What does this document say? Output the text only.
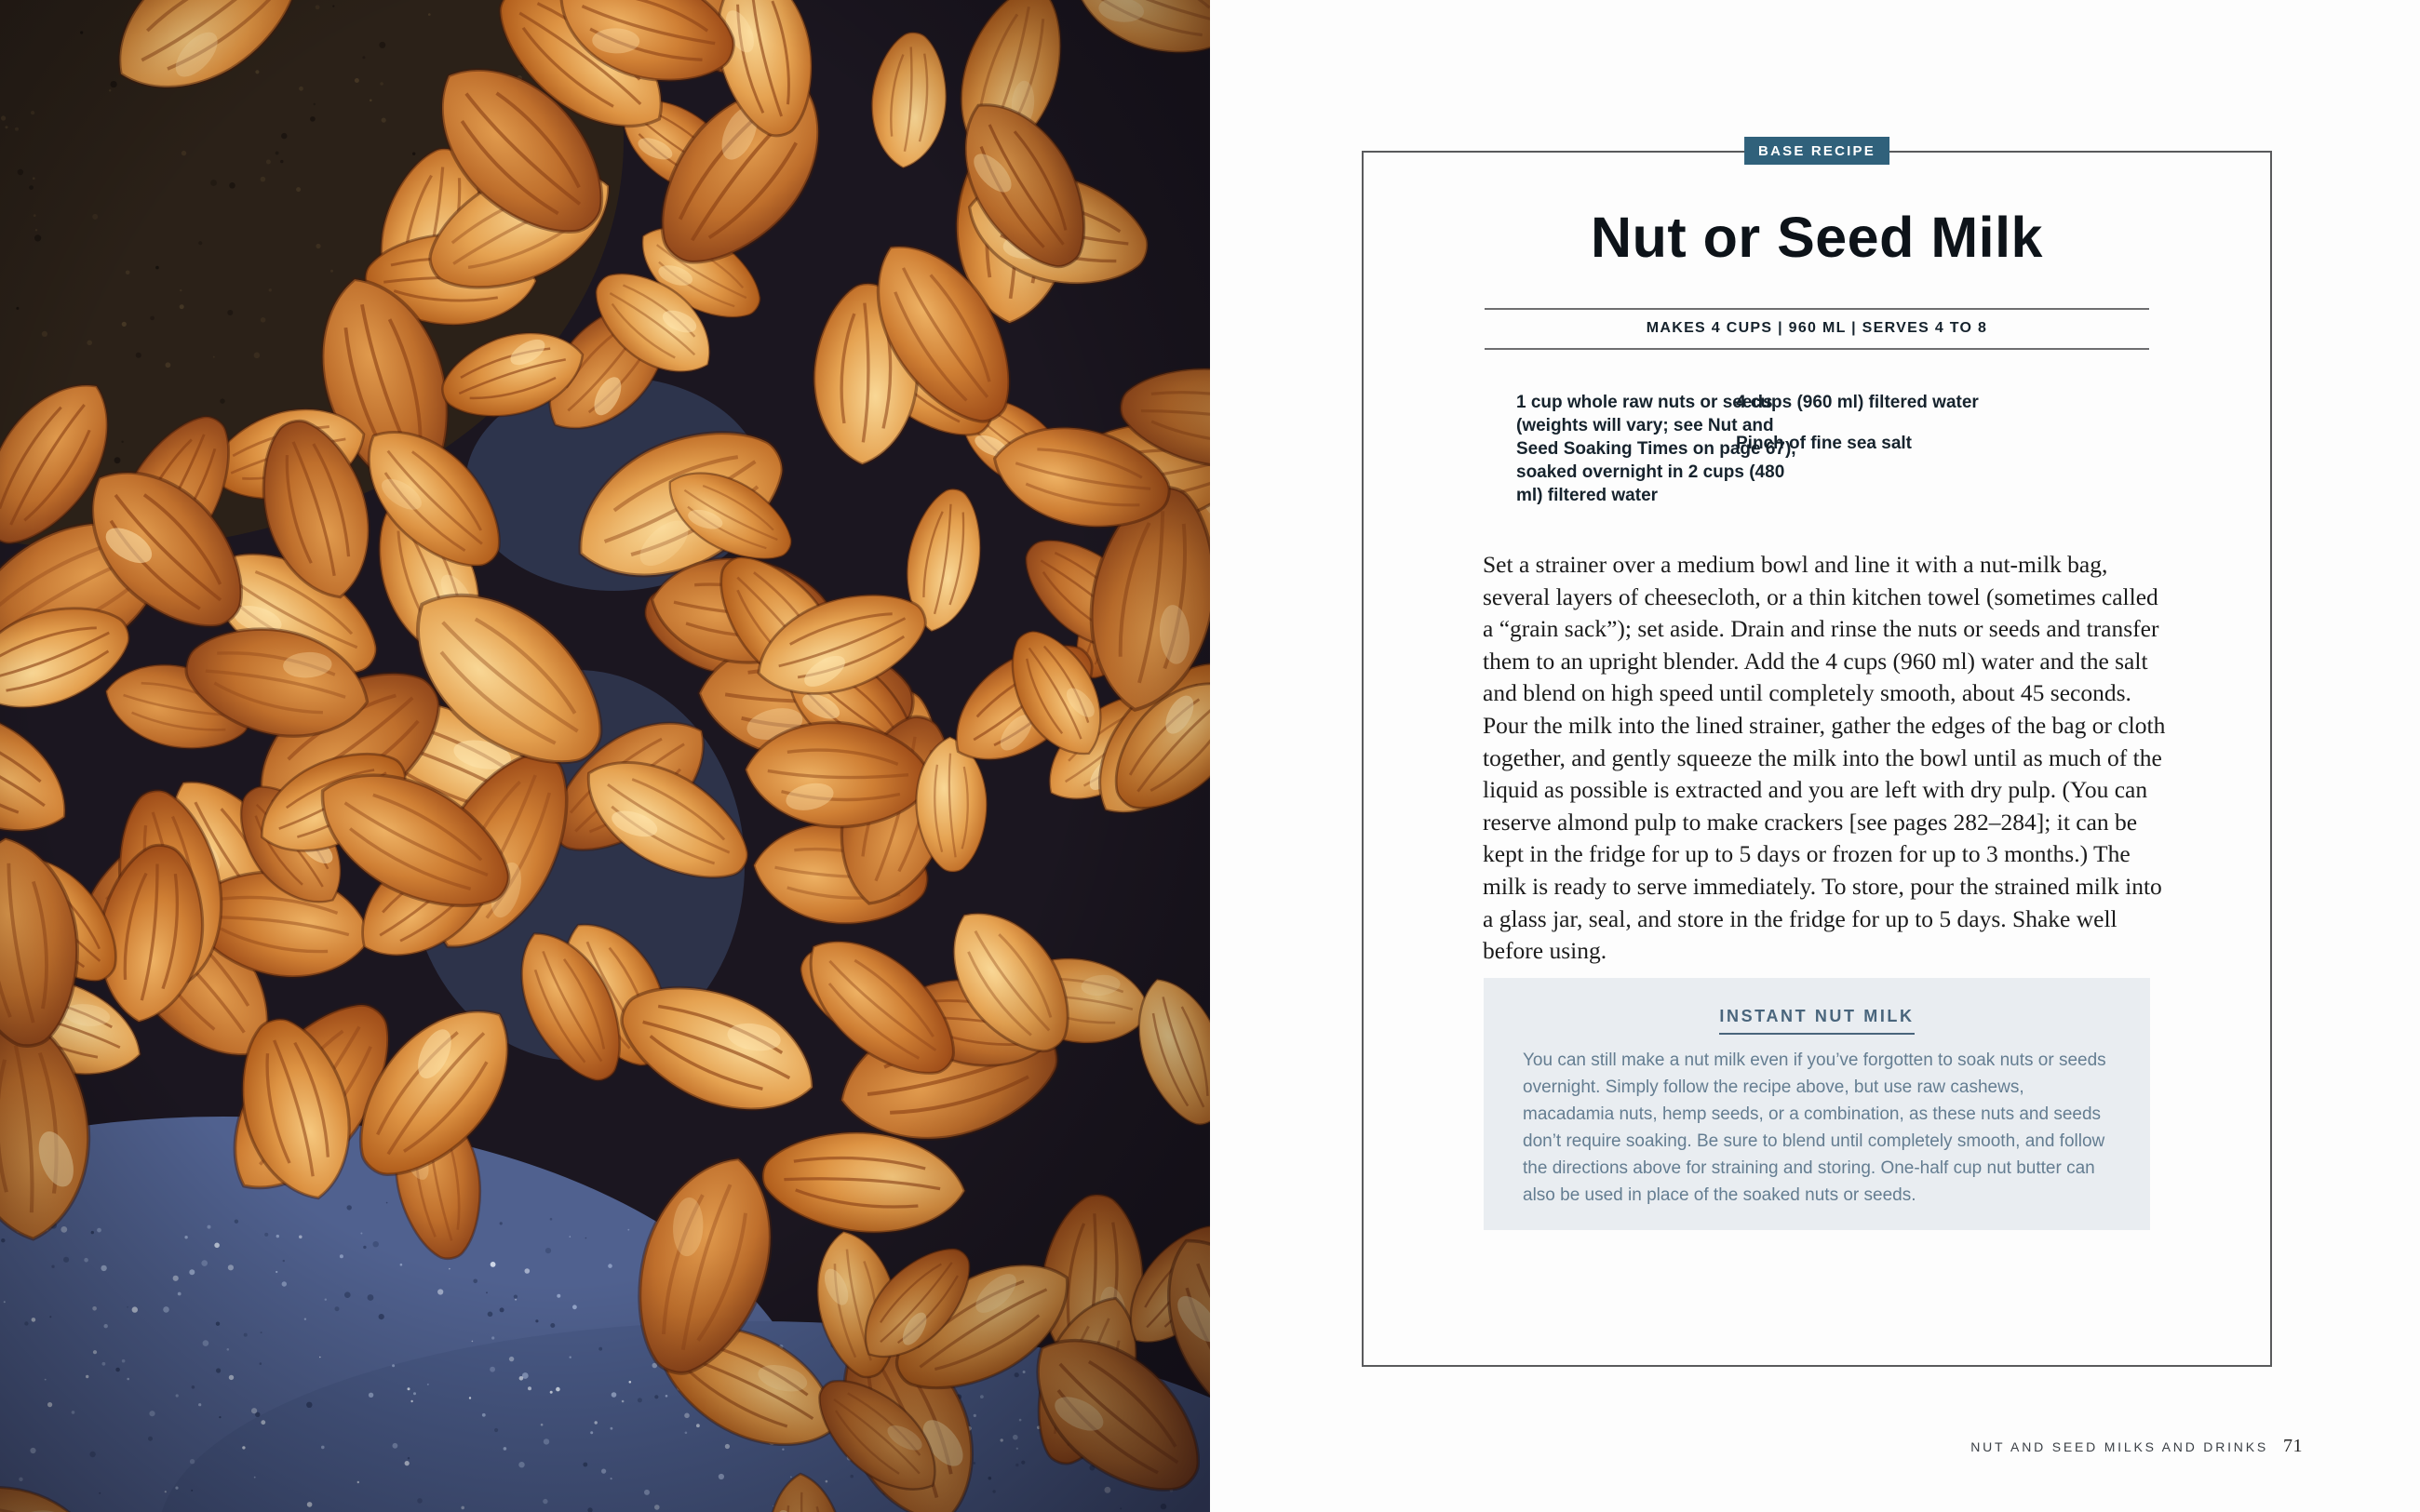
BASE RECIPE
Nut or Seed Milk
MAKES 4 CUPS | 960 ML | SERVES 4 TO 8

1 cup whole raw nuts or seeds (weights will vary; see Nut and Seed Soaking Times on page 67), soaked overnight in 2 cups (480 ml) filtered water

4 cups (960 ml) filtered water

Pinch of fine sea salt

Set a strainer over a medium bowl and line it with a nut-milk bag, several layers of cheesecloth, or a thin kitchen towel (sometimes called a “grain sack”); set aside. Drain and rinse the nuts or seeds and transfer them to an upright blender. Add the 4 cups (960 ml) water and the salt and blend on high speed until completely smooth, about 45 seconds. Pour the milk into the lined strainer, gather the edges of the bag or cloth together, and gently squeeze the milk into the bowl until as much of the liquid as possible is extracted and you are left with dry pulp. (You can reserve almond pulp to make crackers [see pages 282–284]; it can be kept in the fridge for up to 5 days or frozen for up to 3 months.) The milk is ready to serve immediately. To store, pour the strained milk into a glass jar, seal, and store in the fridge for up to 5 days. Shake well before using.
INSTANT NUT MILK
You can still make a nut milk even if you’ve forgotten to soak nuts or seeds overnight. Simply follow the recipe above, but use raw cashews, macadamia nuts, hemp seeds, or a combination, as these nuts and seeds don’t require soaking. Be sure to blend until completely smooth, and follow the directions above for straining and storing. One-half cup nut butter can also be used in place of the soaked nuts or seeds.
NUT AND SEED MILKS AND DRINKS 71
